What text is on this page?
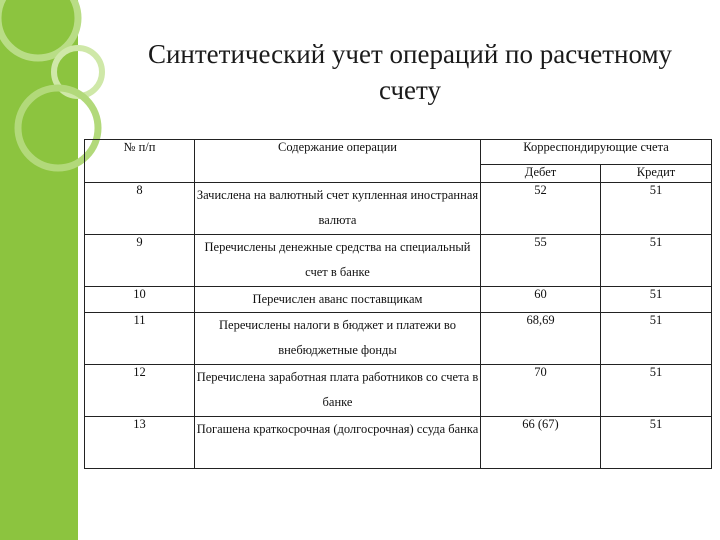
Синтетический учет операций по расчетному
счету
№ п/п	Содержание операции	Корреспондирующие счета	
		Дебет	Кредит
8	Зачислена на валютный счет купленная иностранная валюта	52	51
9	Перечислены денежные средства на специальный счет в банке	55	51
10	Перечислен аванс поставщикам	60	51
11	Перечислены налоги в бюджет и платежи во внебюджетные фонды	68,69	51
12	Перечислена заработная плата работников со счета в банке	70	51
13	Погашена краткосрочная (долгосрочная) ссуда банка	66 (67)	51
